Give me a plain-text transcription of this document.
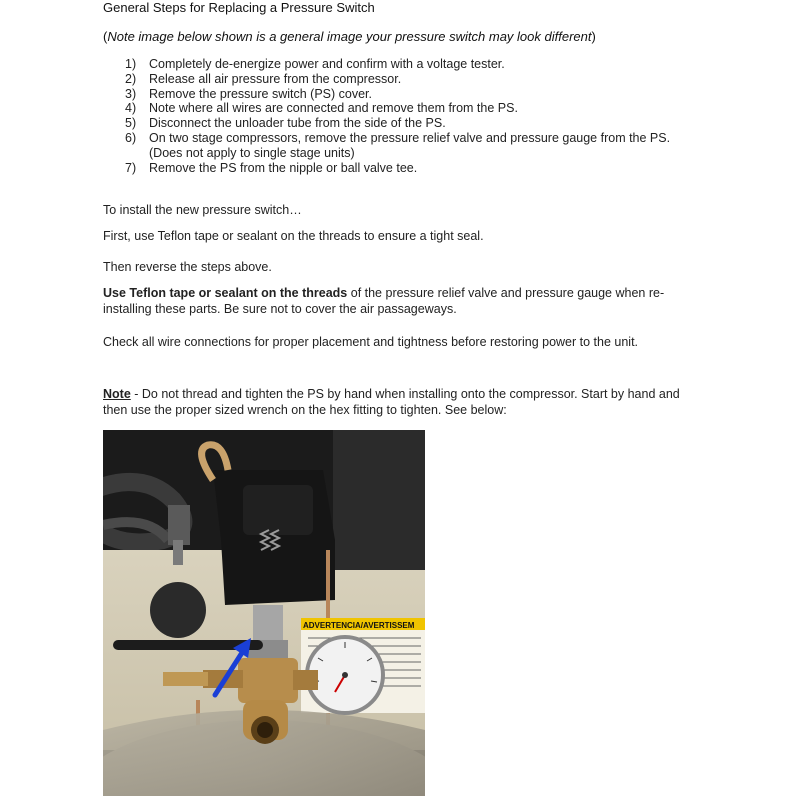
General Steps for Replacing a Pressure Switch
(Note image below shown is a general image your pressure switch may look different)
1) Completely de-energize power and confirm with a voltage tester.
2) Release all air pressure from the compressor.
3) Remove the pressure switch (PS) cover.
4) Note where all wires are connected and remove them from the PS.
5) Disconnect the unloader tube from the side of the PS.
6) On two stage compressors, remove the pressure relief valve and pressure gauge from the PS. (Does not apply to single stage units)
7) Remove the PS from the nipple or ball valve tee.
To install the new pressure switch…
First, use Teflon tape or sealant on the threads to ensure a tight seal.
Then reverse the steps above.
Use Teflon tape or sealant on the threads of the pressure relief valve and pressure gauge when re-installing these parts. Be sure not to cover the air passageways.
Check all wire connections for proper placement and tightness before restoring power to the unit.
Note - Do not thread and tighten the PS by hand when installing onto the compressor. Start by hand and then use the proper sized wrench on the hex fitting to tighten. See below:
ADVERTENCIA/AVERTISSEM
